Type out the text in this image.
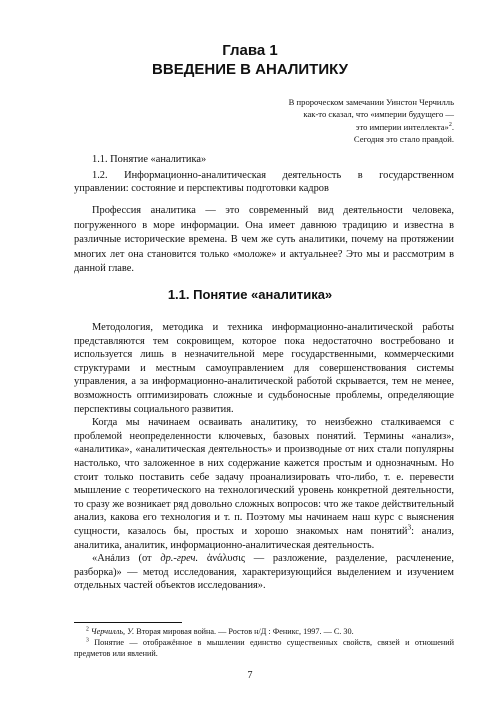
Глава 1
ВВЕДЕНИЕ В АНАЛИТИКУ
В пророческом замечании Уинстон Черчилль
как-то сказал, что «империи будущего —
это империи интеллекта»$^2$.
Сегодня это стало правдой.
1.1. Понятие «аналитика»
1.2. Информационно-аналитическая деятельность в государственном управлении: состояние и перспективы подготовки кадров
Профессия аналитика — это современный вид деятельности человека, погруженного в море информации. Она имеет давнюю традицию и известна в различные исторические времена. В чем же суть аналитики, почему на протяжении многих лет она становится только «моложе» и актуальнее? Это мы и рассмотрим в данной главе.
1.1. Понятие «аналитика»

Методология, методика и техника информационно-аналитической работы представляются тем сокровищем, которое пока недостаточно востребовано и используется лишь в незначительной мере государственными, коммерческими структурами и местным самоуправлением для совершенствования системы управления, а за информационно-аналитической работой скрывается, тем не менее, возможность оптимизировать сложные и судьбоносные проблемы, определяющие перспективы социального развития.

Когда мы начинаем осваивать аналитику, то неизбежно сталкиваемся с проблемой неопределенности ключевых, базовых понятий. Термины «анализ», «аналитика», «аналитическая деятельность» и производные от них стали популярны настолько, что заложенное в них содержание кажется простым и однозначным. Но стоит только поставить себе задачу проанализировать что-либо, т. е. перевести мышление с теоретического на технологический уровень конкретной деятельности, то сразу же возникает ряд довольно сложных вопросов: что же такое действительный анализ, какова его технология и т. п. Поэтому мы начинаем наш курс с выяснения сущности, казалось бы, простых и хорошо знакомых нам понятий$^3$: анализ, аналитика, аналитик, информационно-аналитическая деятельность.

«Анáлиз (от др.-греч. ἀνάλυσις — разложение, разделение, расчленение, разборка)» — метод исследования, характеризующийся выделением и изучением отдельных частей объектов исследования».

$^2$ Черчилль, У. Вторая мировая война. — Ростов н/Д : Феникс, 1997. — С. 30.

$^3$ Понятие — отображённое в мышлении единство существенных свойств, связей и отношений предметов или явлений.

7
